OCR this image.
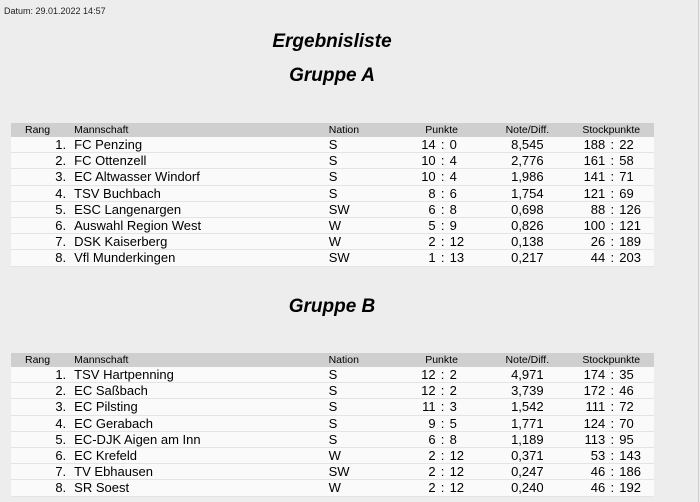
Datum: 29.01.2022 14:57
Ergebnisliste
Gruppe A
Rang	Mannschaft	Nation	Punkte	Note/Diff.	Stockpunkte
1.	FC Penzing	S	14 : 0	8,545	188 : 22

2.	FC Ottenzell	S	10 : 4	2,776	161 : 58

3.	EC Altwasser Windorf	S	10 : 4	1,986	141 : 71

4.	TSV Buchbach	S	8 : 6	1,754	121 : 69

5.	ESC Langenargen	SW	6 : 8	0,698	88 : 126

6.	Auswahl Region West	W	5 : 9	0,826	100 : 121

7.	DSK Kaiserberg	W	2 : 12	0,138	26 : 189

8.	Vfl Munderkingen	SW	1 : 13	0,217	44 : 203
Gruppe B
Rang	Mannschaft	Nation	Punkte	Note/Diff.	Stockpunkte
1.	TSV Hartpenning	S	12 : 2	4,971	174 : 35

2.	EC Saßbach	S	12 : 2	3,739	172 : 46

3.	EC Pilsting	S	11 : 3	1,542	111 : 72

4.	EC Gerabach	S	9 : 5	1,771	124 : 70

5.	EC-DJK Aigen am Inn	S	6 : 8	1,189	113 : 95

6.	EC Krefeld	W	2 : 12	0,371	53 : 143

7.	TV Ebhausen	SW	2 : 12	0,247	46 : 186

8.	SR Soest	W	2 : 12	0,240	46 : 192
